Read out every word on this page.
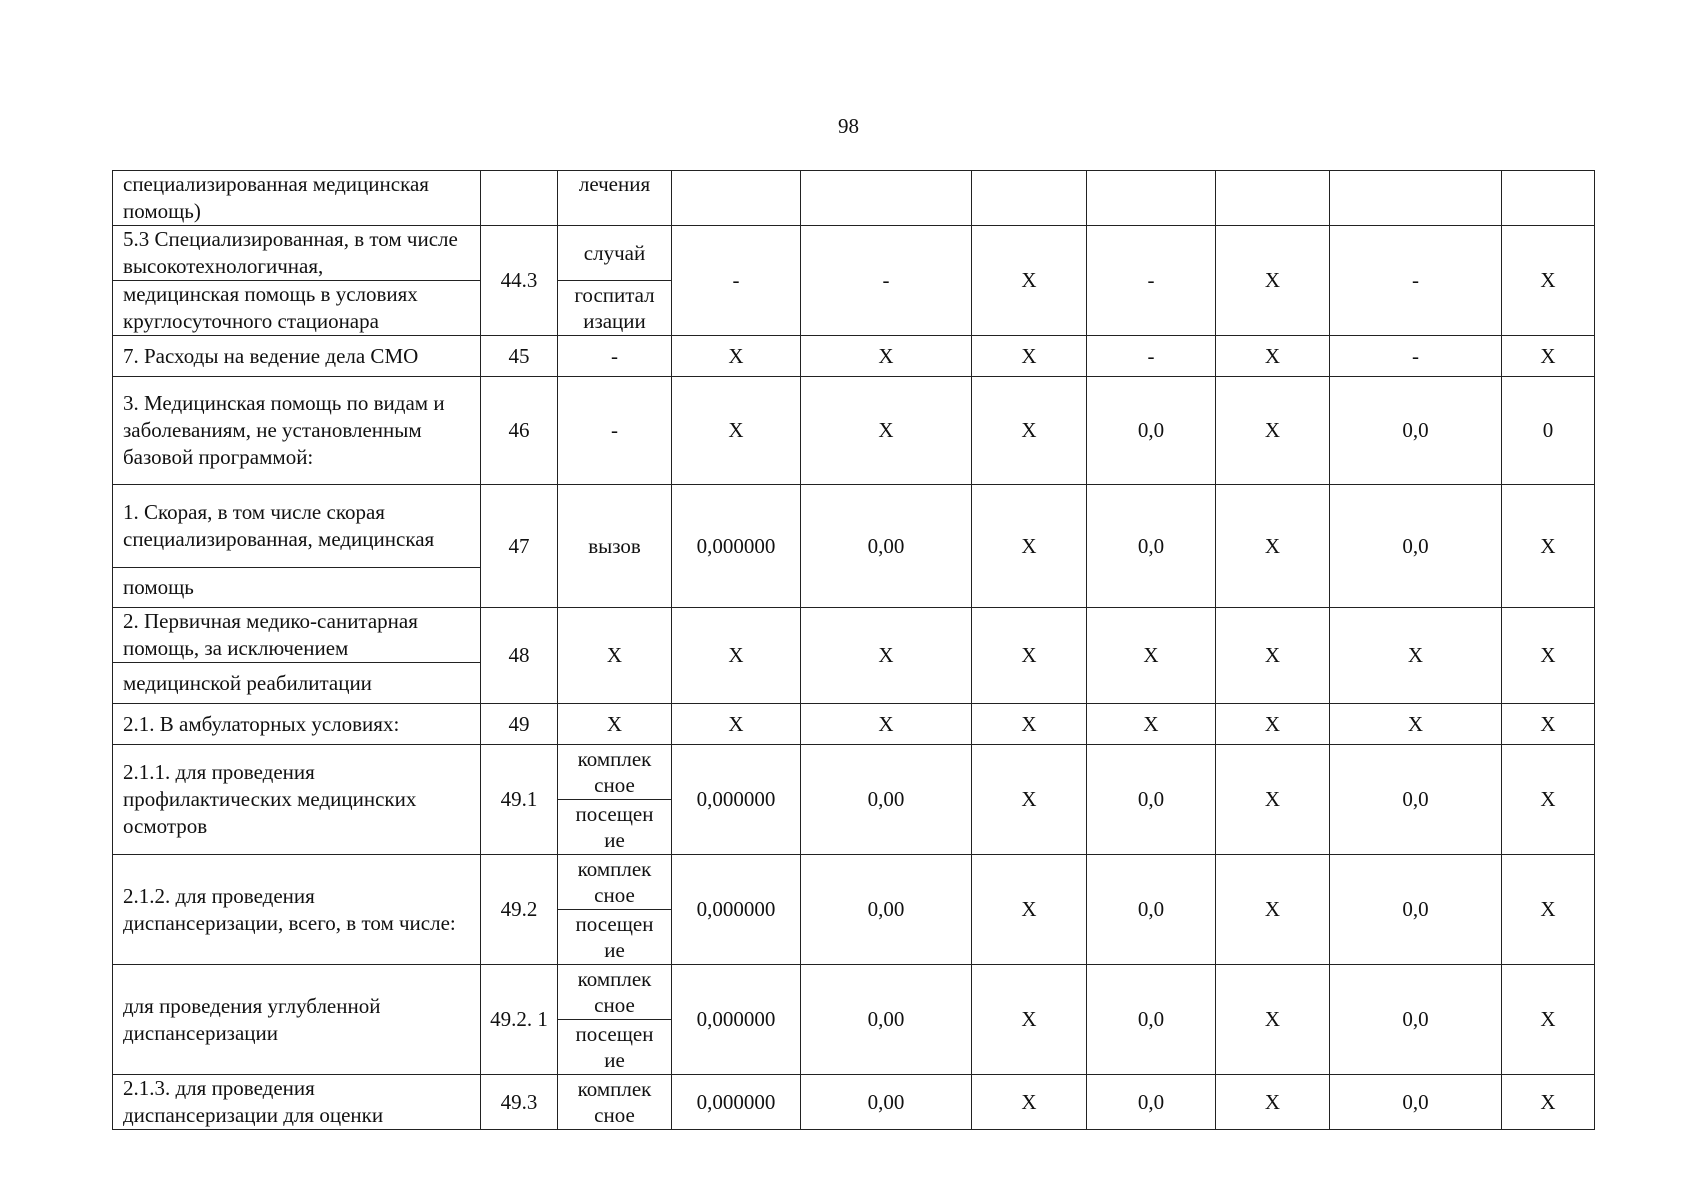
98
специализированная медицинская помощь)		лечения							
5.3 Специализированная, в том числе высокотехнологичная,	44.3	случай	-	-	X	-	X	-	X
медицинская помощь в условиях круглосуточного стационара		госпитал изации							
7. Расходы на ведение дела СМО	45	-	X	X	X	-	X	-	X
3. Медицинская помощь по видам и заболеваниям, не установленным базовой программой:	46	-	X	X	X	0,0	X	0,0	0
1. Скорая, в том числе скорая специализированная, медицинская	47	вызов	0,000000	0,00	X	0,0	X	0,0	X
помощь									
2. Первичная медико-санитарная помощь, за исключением	48	X	X	X	X	X	X	X	X
медицинской реабилитации									
2.1. В амбулаторных условиях:	49	X	X	X	X	X	X	X	X
2.1.1. для проведения профилактических медицинских осмотров	49.1	комплек сное	0,000000	0,00	X	0,0	X	0,0	X
		посещен ие							
2.1.2. для проведения диспансеризации, всего, в том числе:	49.2	комплек сное	0,000000	0,00	X	0,0	X	0,0	X
		посещен ие							
для проведения углубленной диспансеризации	49.2. 1	комплек сное	0,000000	0,00	X	0,0	X	0,0	X
		посещен ие							
2.1.3. для проведения диспансеризации для оценки	49.3	комплек сное	0,000000	0,00	X	0,0	X	0,0	X
